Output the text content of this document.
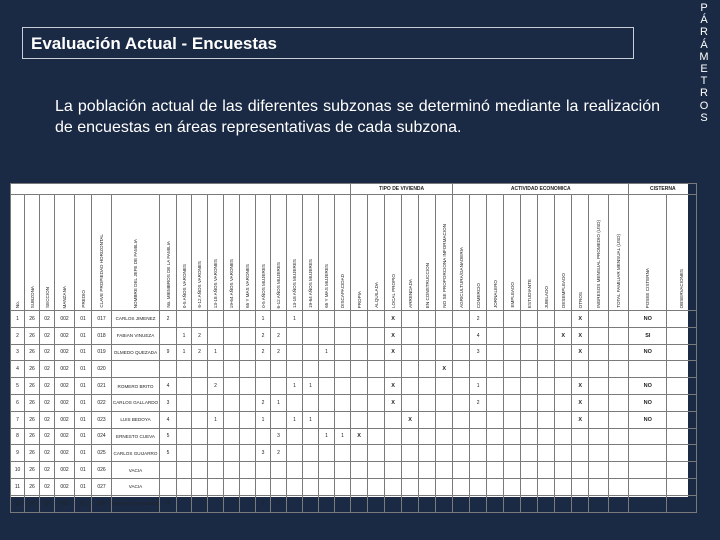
Evaluación Actual - Encuestas
P
Á
R
Á
M
E
T
R
O
S
La población actual de las diferentes subzonas se determinó mediante la realización de encuestas en áreas representativas de cada subzona.
																			TIPO DE VIVIENDA						ACTIVIDAD ECONOMICA										CISTERNA	
No.	SUBZONA	SECCION	MANZANA	PREDIO	CLAVE PROPIEDAD HORIZONTAL	NOMBRE DEL JEFE DE FAMILIA	No. MIEMBROS DE LA FAMILIA	0-5 AÑOS VARONES	6-12 AÑOS VARONES	13-18 AÑOS VARONES	19-64 AÑOS VARONES	65 Y MAS VARONES	0-5 AÑOS MUJERES	6-12 AÑOS MUJERES	13-18 AÑOS MUJERES	19-64 AÑOS MUJERES	65 Y MAS MUJERES	DISCAPACIDAD	PROPIA	ALQUILADA	LOCAL PROPIO	ARRENDADA	EN CONSTRUCCION	NO SE PROPORCIONA INFORMACION	AGRICULTURA/GANADERIA	COMERCIO	JORNALERO	EMPLEADO	ESTUDIANTE	JUBILADO	DESEMPLEADO	OTROS	INGRESOS MENSUAL PROMEDIO (USD)	TOTAL FAMILIAR MENSUAL (USD)	POSEE CISTERNA	OBSERVACIONES
1	26	02	002	01	017	CARLOS JIMENEZ	2						1		1						X					2						X			NO	
2	26	02	002	01	018	FABIAN VINUEZA		1	2				2	2							X					4					X	X			SI	
3	26	02	002	01	019	OLMEDO QUEZADA	9	1	2	1			2	2			1				X					3						X			NO	
4	26	02	002	01	020																			X												
5	26	02	002	01	021	ROMERO BRITO	4			2					1	1					X					1						X			NO	
6	26	02	002	01	022	CARLOS GALLARDO	3						2	1							X					2						X			NO	
7	26	02	002	01	023	LUIS BEDOYA	4			1			1		1	1						X										X			NO	
8	26	02	002	01	024	ERNESTO CUEVA	5							3			1	1	X																	
9	26	02	002	01	025	CARLOS GUIJARRO	5						3	2																						
10	26	02	002	01	026	VACIA																														
11	26	02	002	01	027	VACIA																														
12	26	02	002	01	028	RODRIGO SANCHEZ	4						2	2																						
